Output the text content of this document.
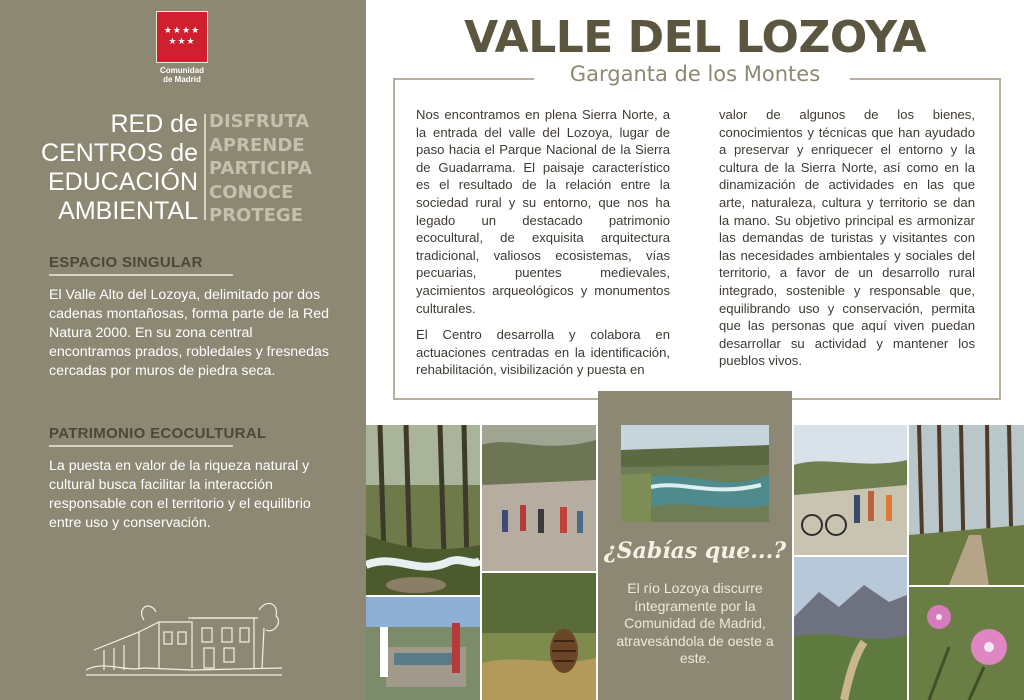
★★★★
★★★
Comunidad
de Madrid
RED de
CENTROS de
EDUCACIÓN
AMBIENTAL
DISFRUTA
APRENDE
PARTICIPA
CONOCE
PROTEGE
ESPACIO SINGULAR
El Valle Alto del Lozoya, delimitado por dos cadenas montañosas, forma parte de la Red Natura 2000. En su zona central encontramos prados, robledales y fresnedas cercadas por muros de piedra seca.
PATRIMONIO ECOCULTURAL
La puesta en valor de la riqueza natural y cultural busca facilitar la interacción responsable con el territorio y el equilibrio entre uso y conservación.
VALLE DEL LOZOYA
Garganta de los Montes

Nos encontramos en plena Sierra Norte, a la entrada del valle del Lozoya, lugar de paso hacia el Parque Nacional de la Sierra de Guadarrama. El paisaje característico es el resultado de la relación entre la sociedad rural y su entorno, que nos ha legado un destacado patrimonio ecocultural, de exquisita arquitectura tradicional, valiosos ecosistemas, vías pecuarias, puentes medievales, yacimientos arqueológicos y monumentos culturales.

El Centro desarrolla y colabora en actuaciones centradas en la identificación, rehabilitación, visibilización y puesta en

valor de algunos de los bienes, conocimientos y técnicas que han ayudado a preservar y enriquecer el entorno y la cultura de la Sierra Norte, así como en la dinamización de actividades en las que arte, naturaleza, cultura y territorio se dan la mano. Su objetivo principal es armonizar las demandas de turistas y visitantes con las necesidades ambientales y sociales del territorio, a favor de un desarrollo rural integrado, sostenible y responsable que, equilibrando uso y conservación, permita que las personas que aquí viven puedan desarrollar su actividad y mantener los pueblos vivos.

¿Sabías que...?
El río Lozoya discurre íntegramente por la Comunidad de Madrid, atravesándola de oeste a este.
